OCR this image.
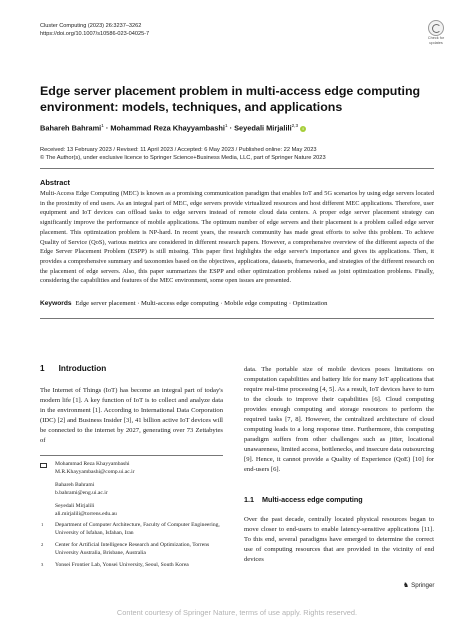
Cluster Computing (2023) 26:3237–3262
https://doi.org/10.1007/s10586-023-04025-7
Check for
updates
Edge server placement problem in multi-access edge computing environment: models, techniques, and applications
Bahareh Bahrami$^1$ · Mohammad Reza Khayyambashi$^1$ · Seyedali Mirjalili$^{2,3}$ i
Received: 13 February 2023 / Revised: 11 April 2023 / Accepted: 6 May 2023 / Published online: 22 May 2023
© The Author(s), under exclusive licence to Springer Science+Business Media, LLC, part of Springer Nature 2023
Abstract
Multi-Access Edge Computing (MEC) is known as a promising communication paradigm that enables IoT and 5G scenarios by using edge servers located in the proximity of end users. As an integral part of MEC, edge servers provide virtualized resources and host different MEC applications. Therefore, user equipment and IoT devices can offload tasks to edge servers instead of remote cloud data centers. A proper edge server placement strategy can significantly improve the performance of mobile applications. The optimum number of edge servers and their placement is a problem called edge server placement. This optimization problem is NP-hard. In recent years, the research community has made great efforts to solve this problem. To achieve Quality of Service (QoS), various metrics are considered in different research papers. However, a comprehensive overview of the different aspects of the Edge Server Placement Problem (ESPP) is still missing. This paper first highlights the edge server's importance and gives its applications. Then, it provides a comprehensive summary and taxonomies based on the objectives, applications, datasets, frameworks, and strategies of the different research on the placement of edge servers. Also, this paper summarizes the ESPP and other optimization problems raised as joint optimization problems. Finally, considering the capabilities and features of the MEC environment, some open issues are presented.
Keywords Edge server placement · Multi-access edge computing · Mobile edge computing · Optimization
1 Introduction
The Internet of Things (IoT) has become an integral part of today's modern life [1]. A key function of IoT is to collect and analyze data in the environment [1]. According to International Data Corporation (IDC) [2] and Business Insider [3], 41 billion active IoT devices will be connected to the internet by 2027, generating over 73 Zettabytes of
data. The portable size of mobile devices poses limitations on computation capabilities and battery life for many IoT applications that require real-time processing [4, 5]. As a result, IoT devices have to turn to the clouds to improve their capabilities [6]. Cloud computing provides enough computing and storage resources to perform the required tasks [7, 8]. However, the centralized architecture of cloud computing leads to a long response time. Furthermore, this computing paradigm suffers from other challenges such as jitter, locational unawareness, limited access, bottlenecks, and insecure data outsourcing [9]. Hence, it cannot provide a Quality of Experience (QoE) [10] for end-users [6].
1.1 Multi-access edge computing
Over the past decade, centrally located physical resources began to move closer to end-users to enable latency-sensitive applications [11]. To this end, several paradigms have emerged to determine the correct use of computing resources that are provided in the vicinity of end devices
Mohammad Reza Khayyambashi
M.R.Khayyambashi@comp.ui.ac.ir
Bahareh Bahrami
b.bahrami@eng.ui.ac.ir
Seyedali Mirjalili
ali.mirjalili@torrens.edu.au
1 Department of Computer Architecture, Faculty of Computer Engineering, University of Isfahan, Isfahan, Iran
2 Center for Artificial Intelligence Research and Optimization, Torrens University Australia, Brisbane, Australia
3 Yonsei Frontier Lab, Yonsei University, Seoul, South Korea
♞ Springer
Content courtesy of Springer Nature, terms of use apply. Rights reserved.
